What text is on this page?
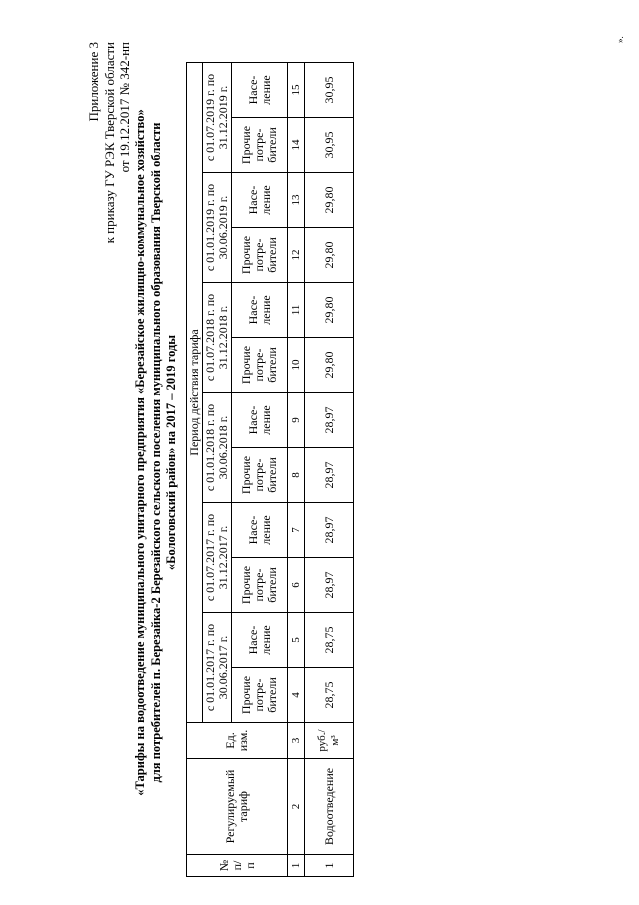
Приложение 3 к приказу ГУ РЭК Тверской области от 19.12.2017 № 342-нп
«Тарифы на водоотведение муниципального унитарного предприятия «Березайское жилищно-коммунальное хозяйство» для потребителей п. Березайка-2 Березайского сельского поселения муниципального образования Тверской области «Бологовский район» на 2017 – 2019 годы
№ п/ п	Регулируемый тариф	Ед. изм.	Период действия тарифа											
			с 01.01.2017 г. по 30.06.2017 г.		с 01.07.2017 г. по 31.12.2017 г.		с 01.01.2018 г. по 30.06.2018 г.		с 01.07.2018 г. по 31.12.2018 г.		с 01.01.2019 г. по 30.06.2019 г.		с 01.07.2019 г. по 31.12.2019 г.	
			Прочие потре- бители	Насе- ление	Прочие потре- бители	Насе- ление	Прочие потре- бители	Насе- ление	Прочие потре- бители	Насе- ление	Прочие потре- бители	Насе- ление	Прочие потре- бители	Насе- ление
1	2	3	4	5	6	7	8	9	10	11	12	13	14	15
1	Водоотведение	руб./м³	28,75	28,75	28,97	28,97	28,97	28,97	29,80	29,80	29,80	29,80	30,95	30,95
».
